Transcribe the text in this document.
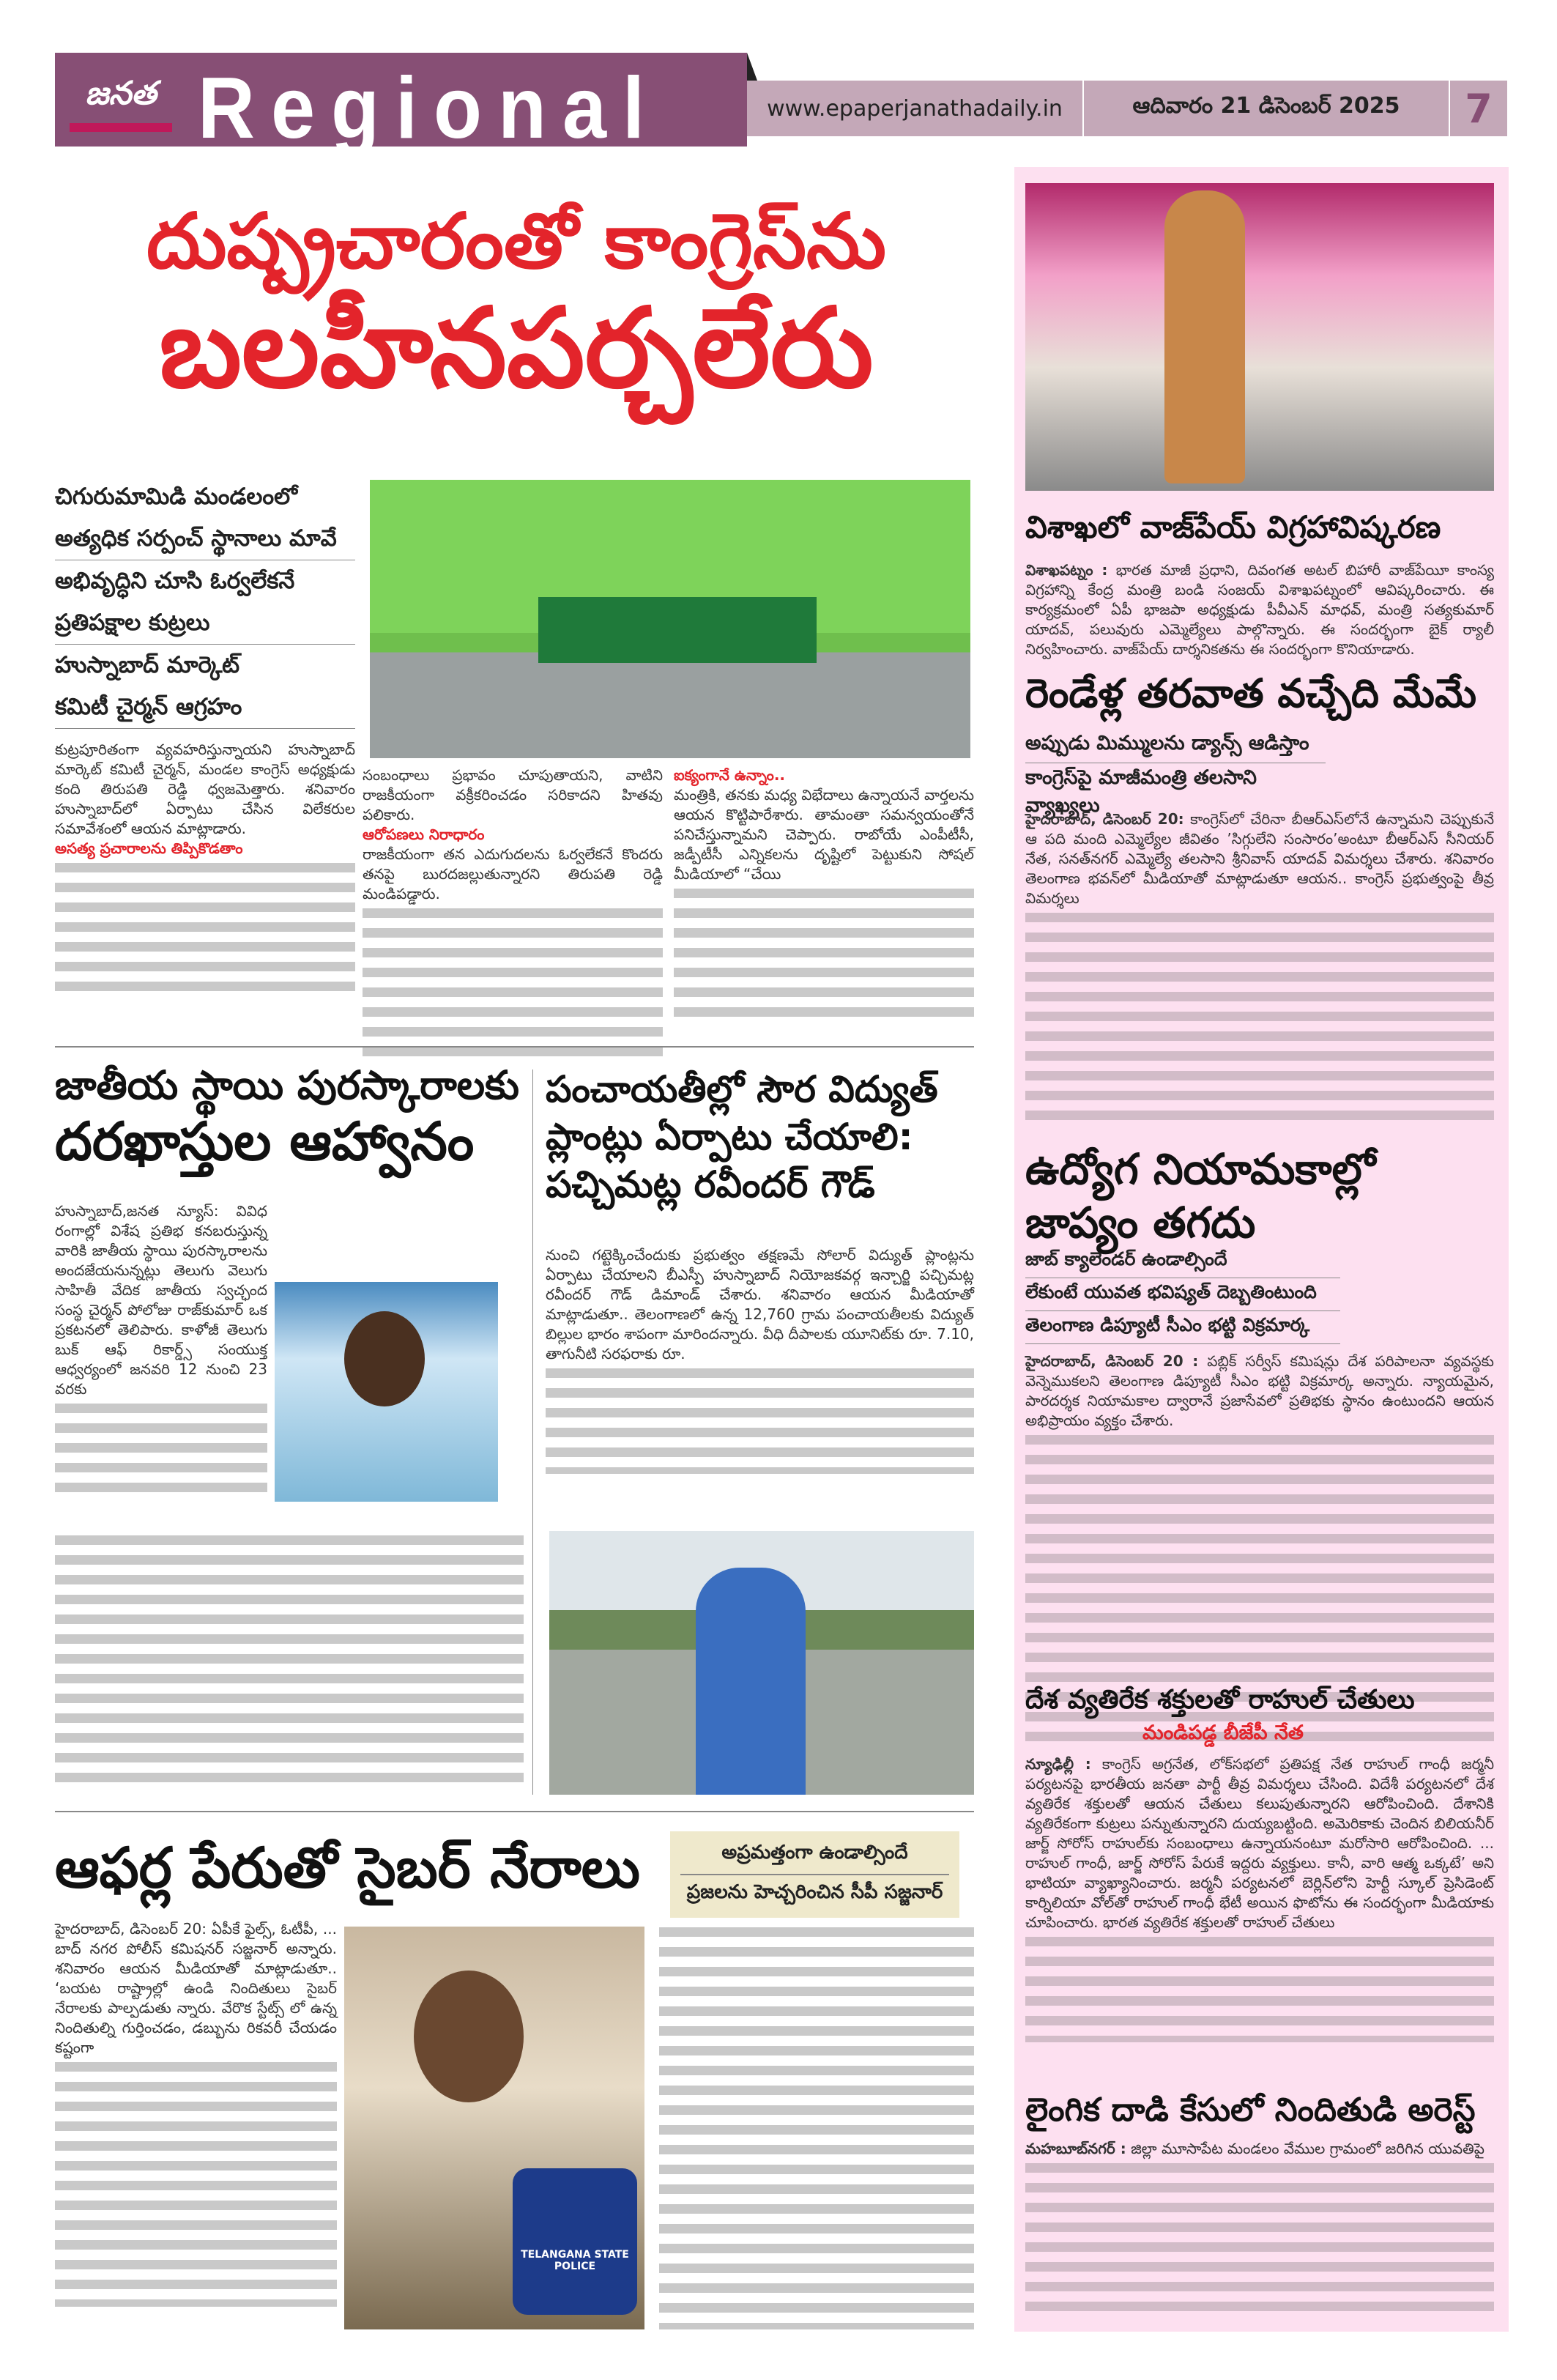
జనత Regional	www.epaperjanathadaily.in	ఆదివారం 21 డిసెంబర్ 2025	7
దుష్ప్రచారంతో కాంగ్రెస్‌ను
బలహీనపర్చలేరు
చిగురుమామిడి మండలంలో
అత్యధిక సర్పంచ్ స్థానాలు మావే
అభివృద్ధిని చూసి ఓర్వలేకనే
ప్రతిపక్షాల కుట్రలు
హుస్నాబాద్ మార్కెట్
కమిటీ చైర్మన్ ఆగ్రహం

కుట్రపూరితంగా వ్యవహరిస్తున్నాయని హుస్నాబాద్ మార్కెట్ కమిటీ చైర్మన్, మండల కాంగ్రెస్ అధ్యక్షుడు కంది తిరుపతి రెడ్డి ధ్వజమెత్తారు. శనివారం హుస్నాబాద్‌లో ఏర్పాటు చేసిన విలేకరుల సమావేశంలో ఆయన మాట్లాడారు.

అసత్య ప్రచారాలను తిప్పికొడతాం

సంబంధాలు ప్రభావం చూపుతాయని, వాటిని రాజకీయంగా వక్రీకరించడం సరికాదని హితవు పలికారు.

ఆరోపణలు నిరాధారం

రాజకీయంగా తన ఎదుగుదలను ఓర్వలేకనే కొందరు తనపై బురదజల్లుతున్నారని తిరుపతి రెడ్డి మండిపడ్డారు.

ఐక్యంగానే ఉన్నాం..

మంత్రికి, తనకు మధ్య విభేదాలు ఉన్నాయనే వార్తలను ఆయన కొట్టిపారేశారు. తామంతా సమన్వయంతోనే పనిచేస్తున్నామని చెప్పారు. రాబోయే ఎంపీటీసీ, జడ్పీటీసీ ఎన్నికలను దృష్టిలో పెట్టుకుని సోషల్ మీడియాలో “చేయి

జాతీయ స్థాయి పురస్కారాలకు
దరఖాస్తుల ఆహ్వానం

హుస్నాబాద్,జనత న్యూస్: వివిధ రంగాల్లో విశేష ప్రతిభ కనబరుస్తున్న వారికి జాతీయ స్థాయి పురస్కారాలను అందజేయనున్నట్లు తెలుగు వెలుగు సాహితీ వేదిక జాతీయ స్వచ్ఛంద సంస్థ చైర్మన్ పోలోజు రాజ్‌కుమార్ ఒక ప్రకటనలో తెలిపారు. కాళోజీ తెలుగు బుక్ ఆఫ్ రికార్డ్స్ సంయుక్త ఆధ్వర్యంలో జనవరి 12 నుంచి 23 వరకు

పంచాయతీల్లో సౌర విద్యుత్
ప్లాంట్లు ఏర్పాటు చేయాలి:
పచ్చిమట్ల రవీందర్ గౌడ్

నుంచి గట్టెక్కించేందుకు ప్రభుత్వం తక్షణమే సోలార్ విద్యుత్ ప్లాంట్లను ఏర్పాటు చేయాలని బీఎస్పీ హుస్నాబాద్ నియోజకవర్గ ఇన్చార్జి పచ్చిమట్ల రవీందర్ గౌడ్ డిమాండ్ చేశారు. శనివారం ఆయన మీడియాతో మాట్లాడుతూ.. తెలంగాణలో ఉన్న 12,760 గ్రామ పంచాయతీలకు విద్యుత్ బిల్లుల భారం శాపంగా మారిందన్నారు. వీధి దీపాలకు యూనిట్‌కు రూ. 7.10, తాగునీటి సరఫరాకు రూ.

ఆఫర్ల పేరుతో సైబర్ నేరాలు	అప్రమత్తంగా ఉండాల్సిందే
ప్రజలను హెచ్చరించిన సీపీ సజ్జనార్

హైదరాబాద్, డిసెంబర్ 20: ఏపీకే ఫైల్స్, ఓటీపీ, ... బాద్ నగర పోలీస్ కమిషనర్ సజ్జనార్ అన్నారు. శనివారం ఆయన మీడియాతో మాట్లాడుతూ.. ‘బయట రాష్ట్రాల్లో ఉండి నిందితులు సైబర్ నేరాలకు పాల్పడుతు న్నారు. వేరొక స్టేట్స్ లో ఉన్న నిందితుల్ని గుర్తించడం, డబ్బును రికవరీ చేయడం కష్టంగా

TELANGANA STATE POLICE
విశాఖలో వాజ్‌పేయ్ విగ్రహావిష్కరణ
విశాఖపట్నం : భారత మాజీ ప్రధాని, దివంగత అటల్ బిహారీ వాజ్‌పేయీ కాంస్య విగ్రహాన్ని కేంద్ర మంత్రి బండి సంజయ్ విశాఖపట్నంలో ఆవిష్కరించారు. ఈ కార్యక్రమంలో ఏపీ భాజపా అధ్యక్షుడు పీవీఎన్ మాధవ్, మంత్రి సత్యకుమార్ యాదవ్, పలువురు ఎమ్మెల్యేలు పాల్గొన్నారు. ఈ సందర్భంగా బైక్ ర్యాలీ నిర్వహించారు. వాజ్‌పేయ్ దార్శనికతను ఈ సందర్భంగా కొనియాడారు.
రెండేళ్ల తరవాత వచ్చేది మేమే
అప్పుడు మిమ్ములను డ్యాన్స్ ఆడిస్తాం
కాంగ్రెస్‌పై మాజీమంత్రి తలసాని వ్యాఖ్యలు

హైదరాబాద్, డిసెంబర్ 20: కాంగ్రెస్‌లో చేరినా బీఆర్ఎస్‌లోనే ఉన్నామని చెప్పుకునే ఆ పది మంది ఎమ్మెల్యేల జీవితం ’సిగ్గులేని సంసారం’అంటూ బీఆర్ఎస్ సీనియర్ నేత, సనత్‌నగర్ ఎమ్మెల్యే తలసాని శ్రీనివాస్ యాదవ్ విమర్శలు చేశారు. శనివారం తెలంగాణ భవన్‌లో మీడియాతో మాట్లాడుతూ ఆయన.. కాంగ్రెస్ ప్రభుత్వంపై తీవ్ర విమర్శలు

ఉద్యోగ నియామకాల్లో
జాప్యం తగదు
జాబ్ క్యాలెండర్ ఉండాల్సిందే
లేకుంటే యువత భవిష్యత్ దెబ్బతింటుంది
తెలంగాణ డిప్యూటీ సీఎం భట్టి విక్రమార్క

హైదరాబాద్, డిసెంబర్ 20 : పబ్లిక్ సర్వీస్ కమిషన్లు దేశ పరిపాలనా వ్యవస్థకు వెన్నెముకలని తెలంగాణ డిప్యూటీ సీఎం భట్టి విక్రమార్క అన్నారు. న్యాయమైన, పారదర్శక నియామకాల ద్వారానే ప్రజాసేవలో ప్రతిభకు స్థానం ఉంటుందని ఆయన అభిప్రాయం వ్యక్తం చేశారు.

దేశ వ్యతిరేక శక్తులతో రాహుల్ చేతులు
మండిపడ్డ బీజేపీ నేత

న్యూఢిల్లీ : కాంగ్రెస్ అగ్రనేత, లోక్‌సభలో ప్రతిపక్ష నేత రాహుల్ గాంధీ జర్మనీ పర్యటనపై భారతీయ జనతా పార్టీ తీవ్ర విమర్శలు చేసింది. విదేశీ పర్యటనలో దేశ వ్యతిరేక శక్తులతో ఆయన చేతులు కలుపుతున్నారని ఆరోపించింది. దేశానికి వ్యతిరేకంగా కుట్రలు పన్నుతున్నారని దుయ్యబట్టింది. అమెరికాకు చెందిన బిలియనీర్ జార్జ్ సోరోస్ రాహుల్‌కు సంబంధాలు ఉన్నాయనంటూ మరోసారి ఆరోపించింది. ... రాహుల్ గాంధీ, జార్జ్ సోరోస్ పేరుకే ఇద్దరు వ్యక్తులు. కానీ, వారి ఆత్మ ఒక్కటే’ అని భాటియా వ్యాఖ్యానించారు. జర్మనీ పర్యటనలో బెర్లిన్‌లోని హెర్టీ స్కూల్ ప్రెసిడెంట్ కార్నిలియా వోల్‌తో రాహుల్ గాంధీ భేటీ అయిన ఫొటోను ఈ సందర్భంగా మీడియాకు చూపించారు. భారత వ్యతిరేక శక్తులతో రాహుల్ చేతులు

లైంగిక దాడి కేసులో నిందితుడి అరెస్ట్

మహబూబ్‌నగర్ : జిల్లా మూసాపేట మండలం వేముల గ్రామంలో జరిగిన యువతిపై
